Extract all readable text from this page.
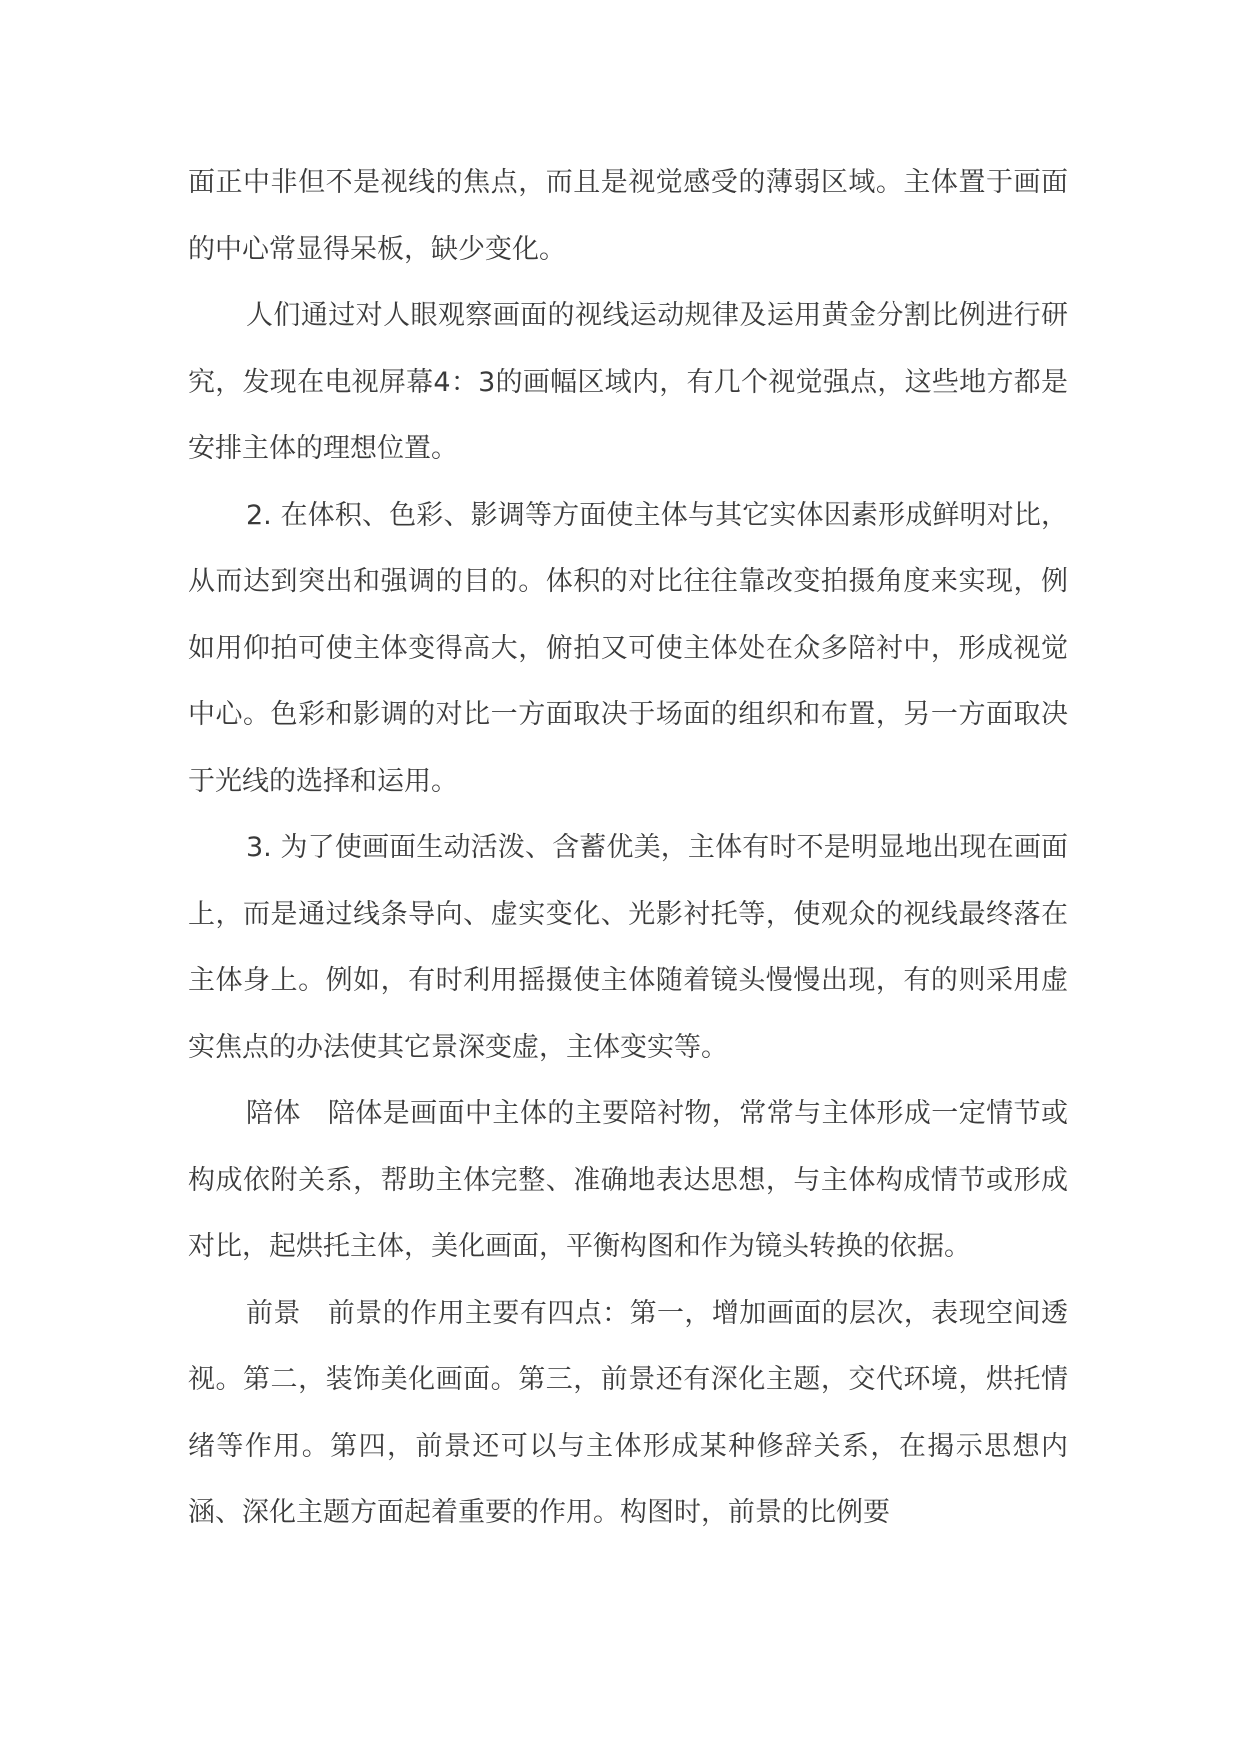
面正中非但不是视线的焦点，而且是视觉感受的薄弱区域。主体置于画面的中心常显得呆板，缺少变化。

人们通过对人眼观察画面的视线运动规律及运用黄金分割比例进行研究，发现在电视屏幕4：3的画幅区域内，有几个视觉强点，这些地方都是安排主体的理想位置。

2. 在体积、色彩、影调等方面使主体与其它实体因素形成鲜明对比，从而达到突出和强调的目的。体积的对比往往靠改变拍摄角度来实现，例如用仰拍可使主体变得高大，俯拍又可使主体处在众多陪衬中，形成视觉中心。色彩和影调的对比一方面取决于场面的组织和布置，另一方面取决于光线的选择和运用。

3. 为了使画面生动活泼、含蓄优美，主体有时不是明显地出现在画面上，而是通过线条导向、虚实变化、光影衬托等，使观众的视线最终落在主体身上。例如，有时利用摇摄使主体随着镜头慢慢出现，有的则采用虚实焦点的办法使其它景深变虚，主体变实等。

陪体 陪体是画面中主体的主要陪衬物，常常与主体形成一定情节或构成依附关系，帮助主体完整、准确地表达思想，与主体构成情节或形成对比，起烘托主体，美化画面，平衡构图和作为镜头转换的依据。

前景 前景的作用主要有四点：第一，增加画面的层次，表现空间透视。第二，装饰美化画面。第三，前景还有深化主题，交代环境，烘托情绪等作用。第四，前景还可以与主体形成某种修辞关系，在揭示思想内涵、深化主题方面起着重要的作用。构图时，前景的比例要
